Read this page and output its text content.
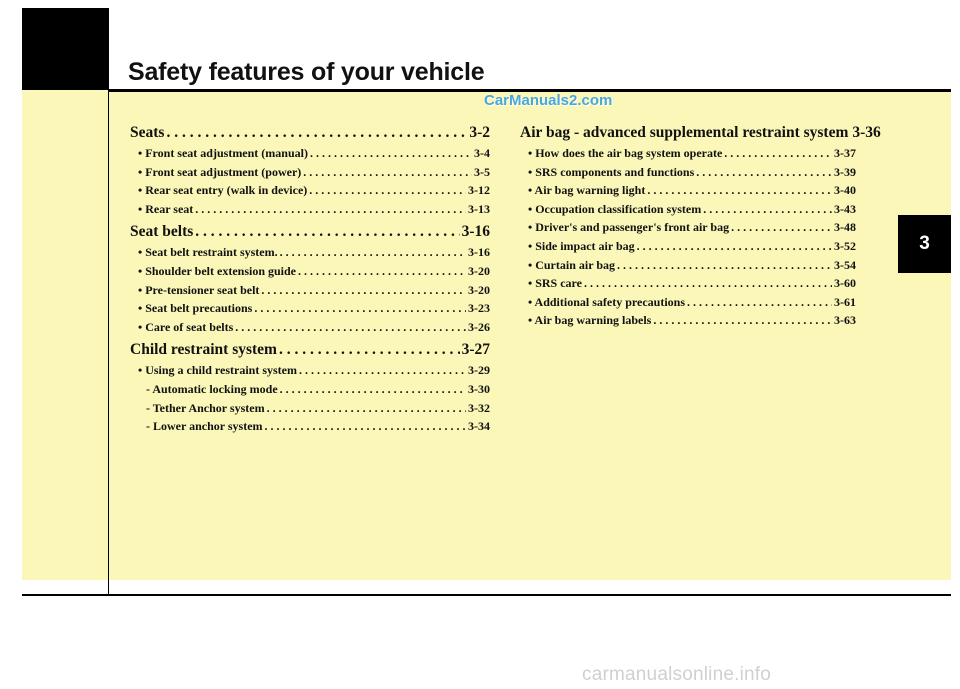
Safety features of your vehicle
CarManuals2.com
3
Seats . . .	3-2
• Front seat adjustment (manual) . . .	3-4
• Front seat adjustment (power) . . .	3-5
• Rear seat entry (walk in device) . . .	3-12
• Rear seat . . .	3-13
Seat belts . . .	3-16
• Seat belt restraint system. . . .	3-16
• Shoulder belt extension guide . . .	3-20
• Pre-tensioner seat belt . . .	3-20
• Seat belt precautions . . .	3-23
• Care of seat belts . . .	3-26
Child restraint system . . .	3-27
• Using a child restraint system . . .	3-29
- Automatic locking mode . . .	3-30
- Tether Anchor system . . .	3-32
- Lower anchor system . . .	3-34
Air bag - advanced supplemental restraint system 3-36
• How does the air bag system operate . . .	3-37
• SRS components and functions . . .	3-39
• Air bag warning light . . .	3-40
• Occupation classification system . . .	3-43
• Driver's and passenger's front air bag . . .	3-48
• Side impact air bag . . .	3-52
• Curtain air bag . . .	3-54
• SRS care . . .	3-60
• Additional safety precautions . . .	3-61
• Air bag warning labels . . .	3-63
carmanualsonline.info
